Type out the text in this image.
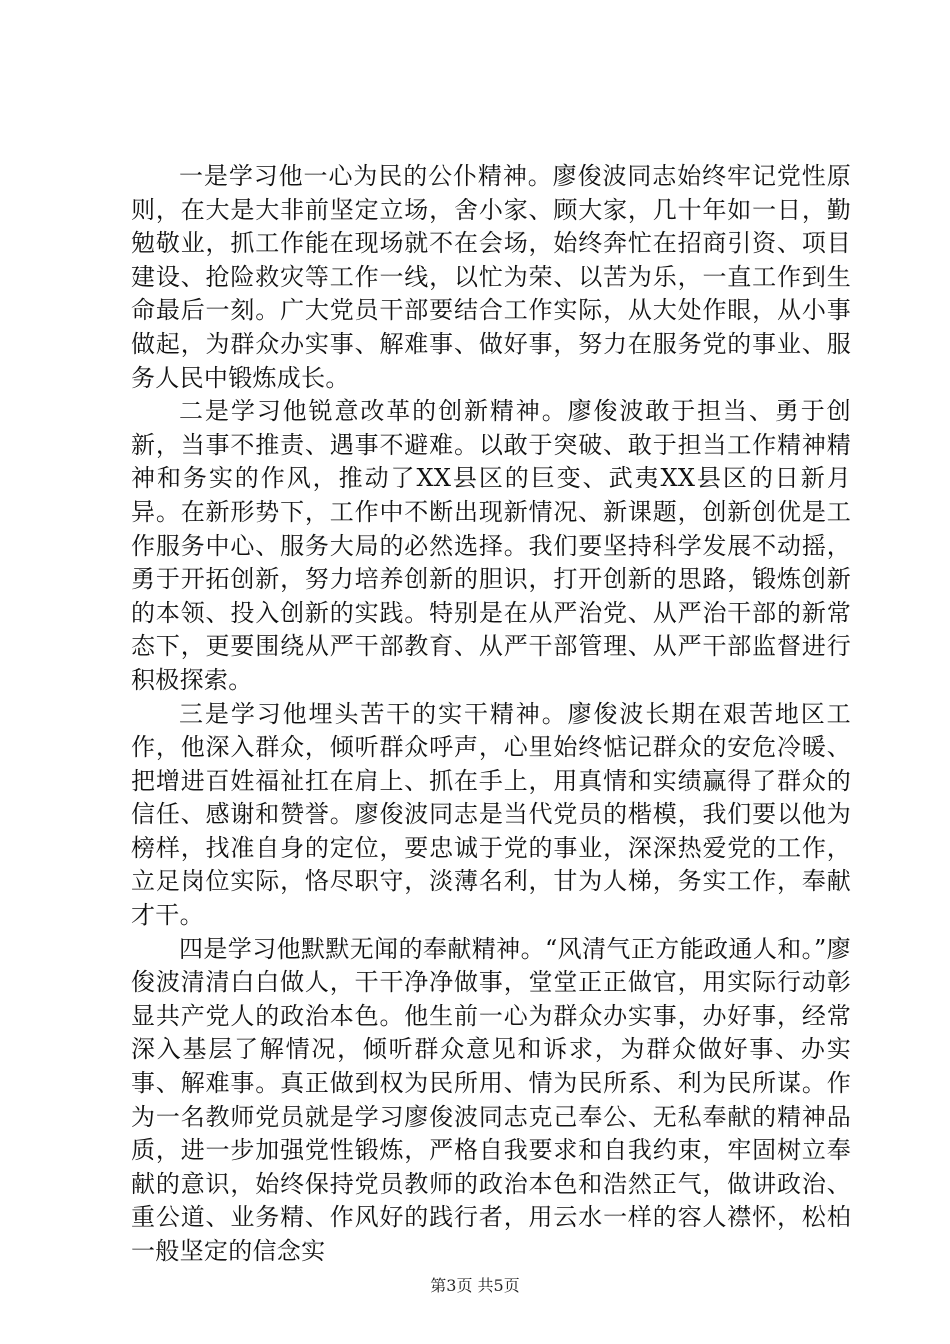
一是学习他一心为民的公仆精神。廖俊波同志始终牢记党性原则，在大是大非前坚定立场，舍小家、顾大家，几十年如一日，勤勉敬业，抓工作能在现场就不在会场，始终奔忙在招商引资、项目建设、抢险救灾等工作一线，以忙为荣、以苦为乐，一直工作到生命最后一刻。广大党员干部要结合工作实际，从大处作眼，从小事做起，为群众办实事、解难事、做好事，努力在服务党的事业、服务人民中锻炼成长。

二是学习他锐意改革的创新精神。廖俊波敢于担当、勇于创新，当事不推责、遇事不避难。以敢于突破、敢于担当工作精神精神和务实的作风，推动了XX县区的巨变、武夷XX县区的日新月异。在新形势下，工作中不断出现新情况、新课题，创新创优是工作服务中心、服务大局的必然选择。我们要坚持科学发展不动摇，勇于开拓创新，努力培养创新的胆识，打开创新的思路，锻炼创新的本领、投入创新的实践。特别是在从严治党、从严治干部的新常态下，更要围绕从严干部教育、从严干部管理、从严干部监督进行积极探索。

三是学习他埋头苦干的实干精神。廖俊波长期在艰苦地区工作，他深入群众，倾听群众呼声，心里始终惦记群众的安危冷暖、把增进百姓福祉扛在肩上、抓在手上，用真情和实绩赢得了群众的信任、感谢和赞誉。廖俊波同志是当代党员的楷模，我们要以他为榜样，找准自身的定位，要忠诚于党的事业，深深热爱党的工作，立足岗位实际，恪尽职守，淡薄名利，甘为人梯，务实工作，奉献才干。

四是学习他默默无闻的奉献精神。“风清气正方能政通人和。”廖俊波清清白白做人，干干净净做事，堂堂正正做官，用实际行动彰显共产党人的政治本色。他生前一心为群众办实事，办好事，经常深入基层了解情况，倾听群众意见和诉求，为群众做好事、办实事、解难事。真正做到权为民所用、情为民所系、利为民所谋。作为一名教师党员就是学习廖俊波同志克己奉公、无私奉献的精神品质，进一步加强党性锻炼，严格自我要求和自我约束，牢固树立奉献的意识，始终保持党员教师的政治本色和浩然正气，做讲政治、重公道、业务精、作风好的践行者，用云水一样的容人襟怀，松柏一般坚定的信念实

第3页 共5页
